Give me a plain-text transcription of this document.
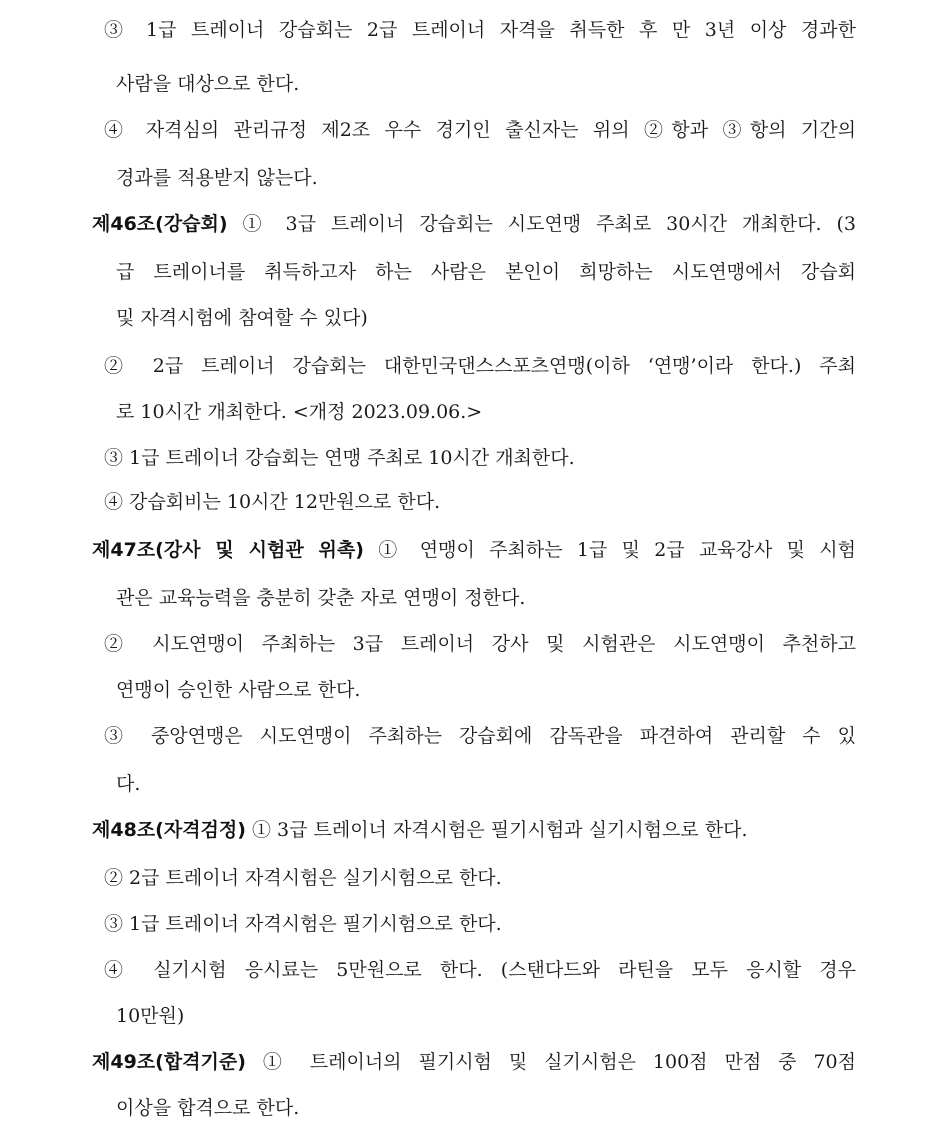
③ 1급 트레이너 강습회는 2급 트레이너 자격을 취득한 후 만 3년 이상 경과한
사람을 대상으로 한다.
④ 자격심의 관리규정 제2조 우수 경기인 출신자는 위의 ②항과 ③항의 기간의
경과를 적용받지 않는다.
제46조(강습회) ① 3급 트레이너 강습회는 시도연맹 주최로 30시간 개최한다. (3
급 트레이너를 취득하고자 하는 사람은 본인이 희망하는 시도연맹에서 강습회
및 자격시험에 참여할 수 있다)
② 2급 트레이너 강습회는 대한민국댄스스포츠연맹(이하 ‘연맹’이라 한다.) 주최
로 10시간 개최한다. <개정 2023.09.06.>
③ 1급 트레이너 강습회는 연맹 주최로 10시간 개최한다.
④ 강습회비는 10시간 12만원으로 한다.
제47조(강사 및 시험관 위촉) ① 연맹이 주최하는 1급 및 2급 교육강사 및 시험
관은 교육능력을 충분히 갖춘 자로 연맹이 정한다.
② 시도연맹이 주최하는 3급 트레이너 강사 및 시험관은 시도연맹이 추천하고
연맹이 승인한 사람으로 한다.
③ 중앙연맹은 시도연맹이 주최하는 강습회에 감독관을 파견하여 관리할 수 있
다.
제48조(자격검정) ① 3급 트레이너 자격시험은 필기시험과 실기시험으로 한다.
② 2급 트레이너 자격시험은 실기시험으로 한다.
③ 1급 트레이너 자격시험은 필기시험으로 한다.
④ 실기시험 응시료는 5만원으로 한다. (스탠다드와 라틴을 모두 응시할 경우
10만원)
제49조(합격기준) ① 트레이너의 필기시험 및 실기시험은 100점 만점 중 70점
이상을 합격으로 한다.
